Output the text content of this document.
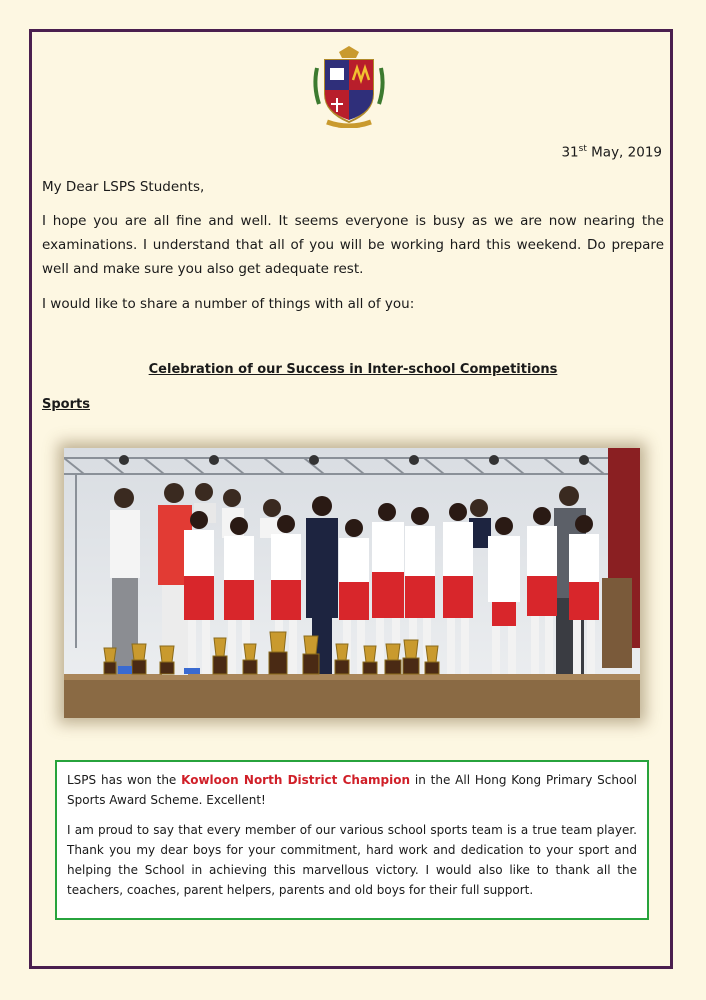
31st May, 2019

My Dear LSPS Students,

I hope you are all fine and well. It seems everyone is busy as we are now nearing the examinations. I understand that all of you will be working hard this weekend. Do prepare well and make sure you also get adequate rest.

I would like to share a number of things with all of you:

Celebration of our Success in Inter-school Competitions
Sports

LSPS has won the Kowloon North District Champion in the All Hong Kong Primary School Sports Award Scheme. Excellent!

I am proud to say that every member of our various school sports team is a true team player. Thank you my dear boys for your commitment, hard work and dedication to your sport and helping the School in achieving this marvellous victory. I would also like to thank all the teachers, coaches, parent helpers, parents and old boys for their full support.
